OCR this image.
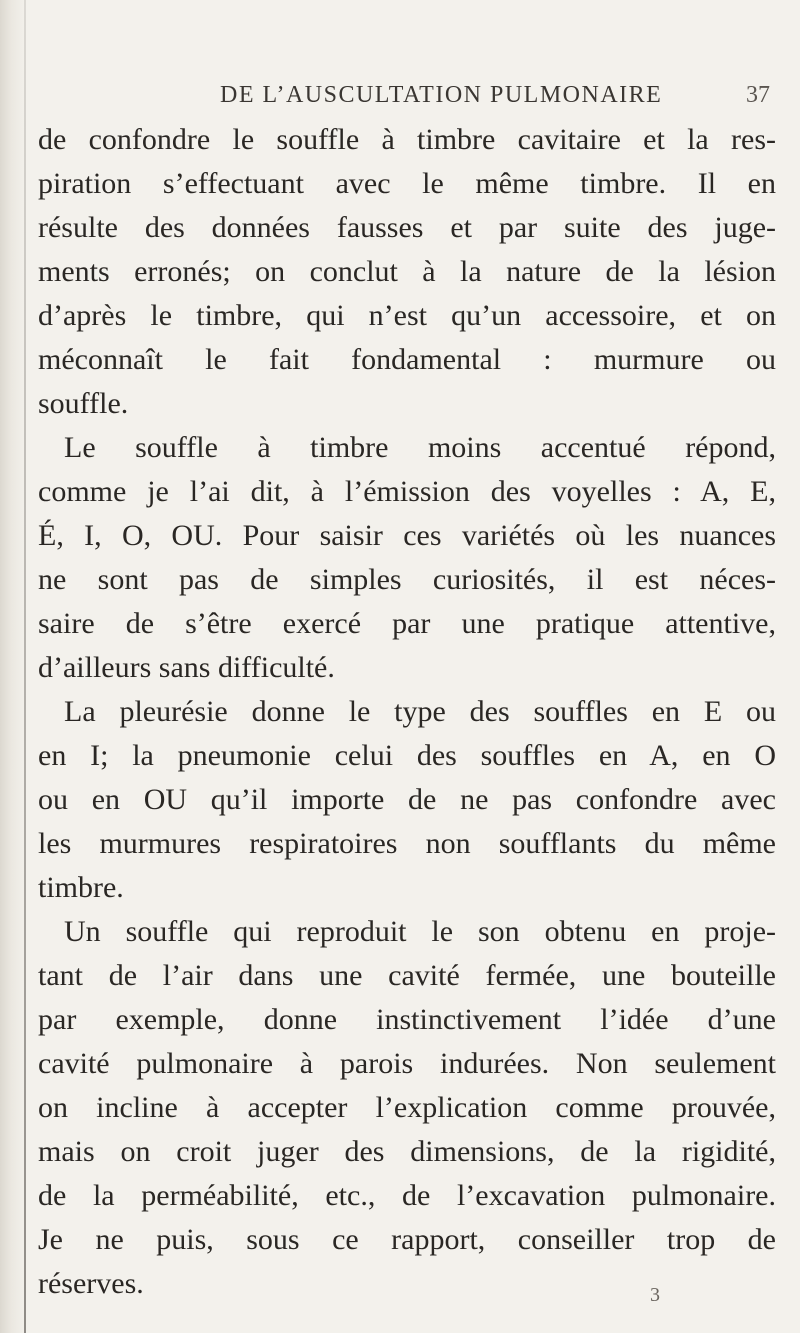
DE L’AUSCULTATION PULMONAIRE	37
de confondre le souffle à timbre cavitaire et la res-
piration s’effectuant avec le même timbre. Il en
résulte des données fausses et par suite des juge-
ments erronés; on conclut à la nature de la lésion
d’après le timbre, qui n’est qu’un accessoire, et on
méconnaît le fait fondamental : murmure ou
souffle.
Le souffle à timbre moins accentué répond,
comme je l’ai dit, à l’émission des voyelles : A, E,
É, I, O, OU. Pour saisir ces variétés où les nuances
ne sont pas de simples curiosités, il est néces-
saire de s’être exercé par une pratique attentive,
d’ailleurs sans difficulté.
La pleurésie donne le type des souffles en E ou
en I; la pneumonie celui des souffles en A, en O
ou en OU qu’il importe de ne pas confondre avec
les murmures respiratoires non soufflants du même
timbre.
Un souffle qui reproduit le son obtenu en proje-
tant de l’air dans une cavité fermée, une bouteille
par exemple, donne instinctivement l’idée d’une
cavité pulmonaire à parois indurées. Non seulement
on incline à accepter l’explication comme prouvée,
mais on croit juger des dimensions, de la rigidité,
de la perméabilité, etc., de l’excavation pulmonaire.
Je ne puis, sous ce rapport, conseiller trop de
réserves.	3
